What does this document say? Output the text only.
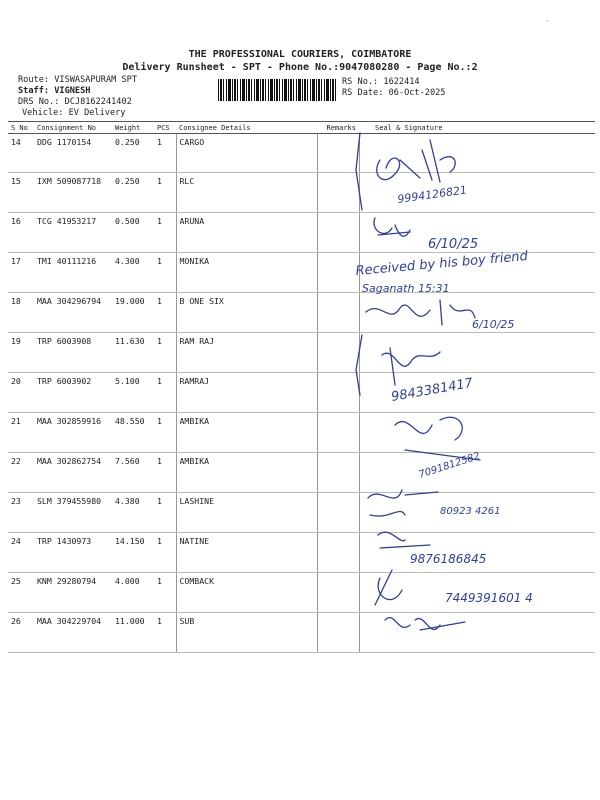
-
THE PROFESSIONAL COURIERS, COIMBATORE
Delivery Runsheet - SPT - Phone No.:9047080280 - Page No.:2
Route: VISWASAPURAM SPT
Staff: VIGNESH
DRS No.: DCJ8162241402
Vehicle: EV Delivery
RS No.: 1622414
RS Date: 06-Oct-2025
S No	Consignment No	Weight	PCS	Consignee Details	Remarks	Seal & Signature
14	DDG 1170154	0.250	1	CARGO		
15	IXM 509087718	0.250	1	RLC		
16	TCG 41953217	0.500	1	ARUNA		
17	TMI 40111216	4.300	1	MONIKA		
18	MAA 304296794	19.000	1	B ONE SIX		
19	TRP 6003908	11.630	1	RAM RAJ		
20	TRP 6003902	5.100	1	RAMRAJ		
21	MAA 302859916	48.550	1	AMBIKA		
22	MAA 302862754	7.560	1	AMBIKA		
23	SLM 379455980	4.380	1	LASHINE		
24	TRP 1430973	14.150	1	NATINE		
25	KNM 29280794	4.000	1	COMBACK		
26	MAA 304229704	11.000	1	SUB		
9994126821
6/10/25
Received by his boy friend
Saganath 15:31
6/10/25
9843381417
7091812582
80923 4261
9876186845
7449391601 4
